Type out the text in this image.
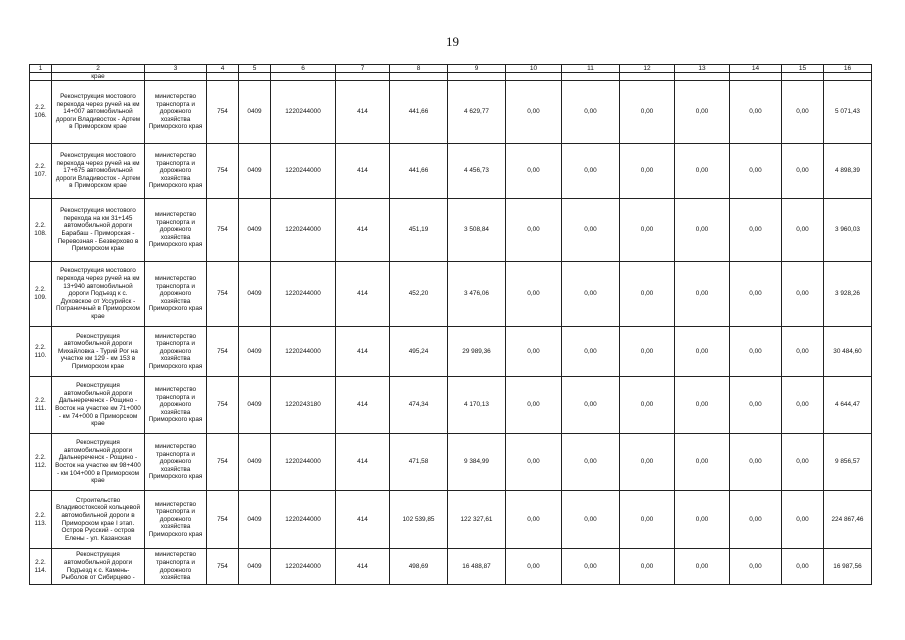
19
1	2	3	4	5	6	7	8	9	10	11	12	13	14	15	16
	крае														
2.2.
106.	Реконструкция мостового перехода через ручей на км 14+007 автомобильной дороги Владивосток - Артем в Приморском крае	министерство транспорта и дорожного хозяйства Приморского края	754	0409	1220244000	414	441,66	4 629,77	0,00	0,00	0,00	0,00	0,00	0,00	5 071,43
2.2.
107.	Реконструкция мостового перехода через ручей на км 17+675 автомобильной дороги Владивосток - Артем в Приморском крае	министерство транспорта и дорожного хозяйства Приморского края	754	0409	1220244000	414	441,66	4 456,73	0,00	0,00	0,00	0,00	0,00	0,00	4 898,39
2.2.
108.	Реконструкция мостового перехода на км 31+145 автомобильной дороги Барабаш - Приморская - Перевозная - Безверхово в Приморском крае	министерство транспорта и дорожного хозяйства Приморского края	754	0409	1220244000	414	451,19	3 508,84	0,00	0,00	0,00	0,00	0,00	0,00	3 960,03
2.2.
109.	Реконструкция мостового перехода через ручей на км 13+940 автомобильной дороги Подъезд к с. Духовское от Уссурийск - Пограничный в Приморском крае	министерство транспорта и дорожного хозяйства Приморского края	754	0409	1220244000	414	452,20	3 476,06	0,00	0,00	0,00	0,00	0,00	0,00	3 928,26
2.2.
110.	Реконструкция автомобильной дороги Михайловка - Турий Рог на участке км 129 - км 153 в Приморском крае	министерство транспорта и дорожного хозяйства Приморского края	754	0409	1220244000	414	495,24	29 989,36	0,00	0,00	0,00	0,00	0,00	0,00	30 484,60
2.2.
111.	Реконструкция автомобильной дороги Дальнереченск - Рощино - Восток на участке км 71+000 - км 74+000 в Приморском крае	министерство транспорта и дорожного хозяйства Приморского края	754	0409	1220243180	414	474,34	4 170,13	0,00	0,00	0,00	0,00	0,00	0,00	4 644,47
2.2.
112.	Реконструкция автомобильной дороги Дальнереченск - Рощино - Восток на участке км 98+400 - км 104+000 в Приморском крае	министерство транспорта и дорожного хозяйства Приморского края	754	0409	1220244000	414	471,58	9 384,99	0,00	0,00	0,00	0,00	0,00	0,00	9 856,57
2.2.
113.	Строительство Владивостокской кольцевой автомобильной дороги в Приморском крае I этап. Остров Русский - остров Елены - ул. Казанская	министерство транспорта и дорожного хозяйства Приморского края	754	0409	1220244000	414	102 539,85	122 327,61	0,00	0,00	0,00	0,00	0,00	0,00	224 867,46
2.2.
114.	Реконструкция автомобильной дороги Подъезд к с. Камень-Рыболов от Сибирцево -	министерство транспорта и дорожного хозяйства	754	0409	1220244000	414	498,69	16 488,87	0,00	0,00	0,00	0,00	0,00	0,00	16 987,56
